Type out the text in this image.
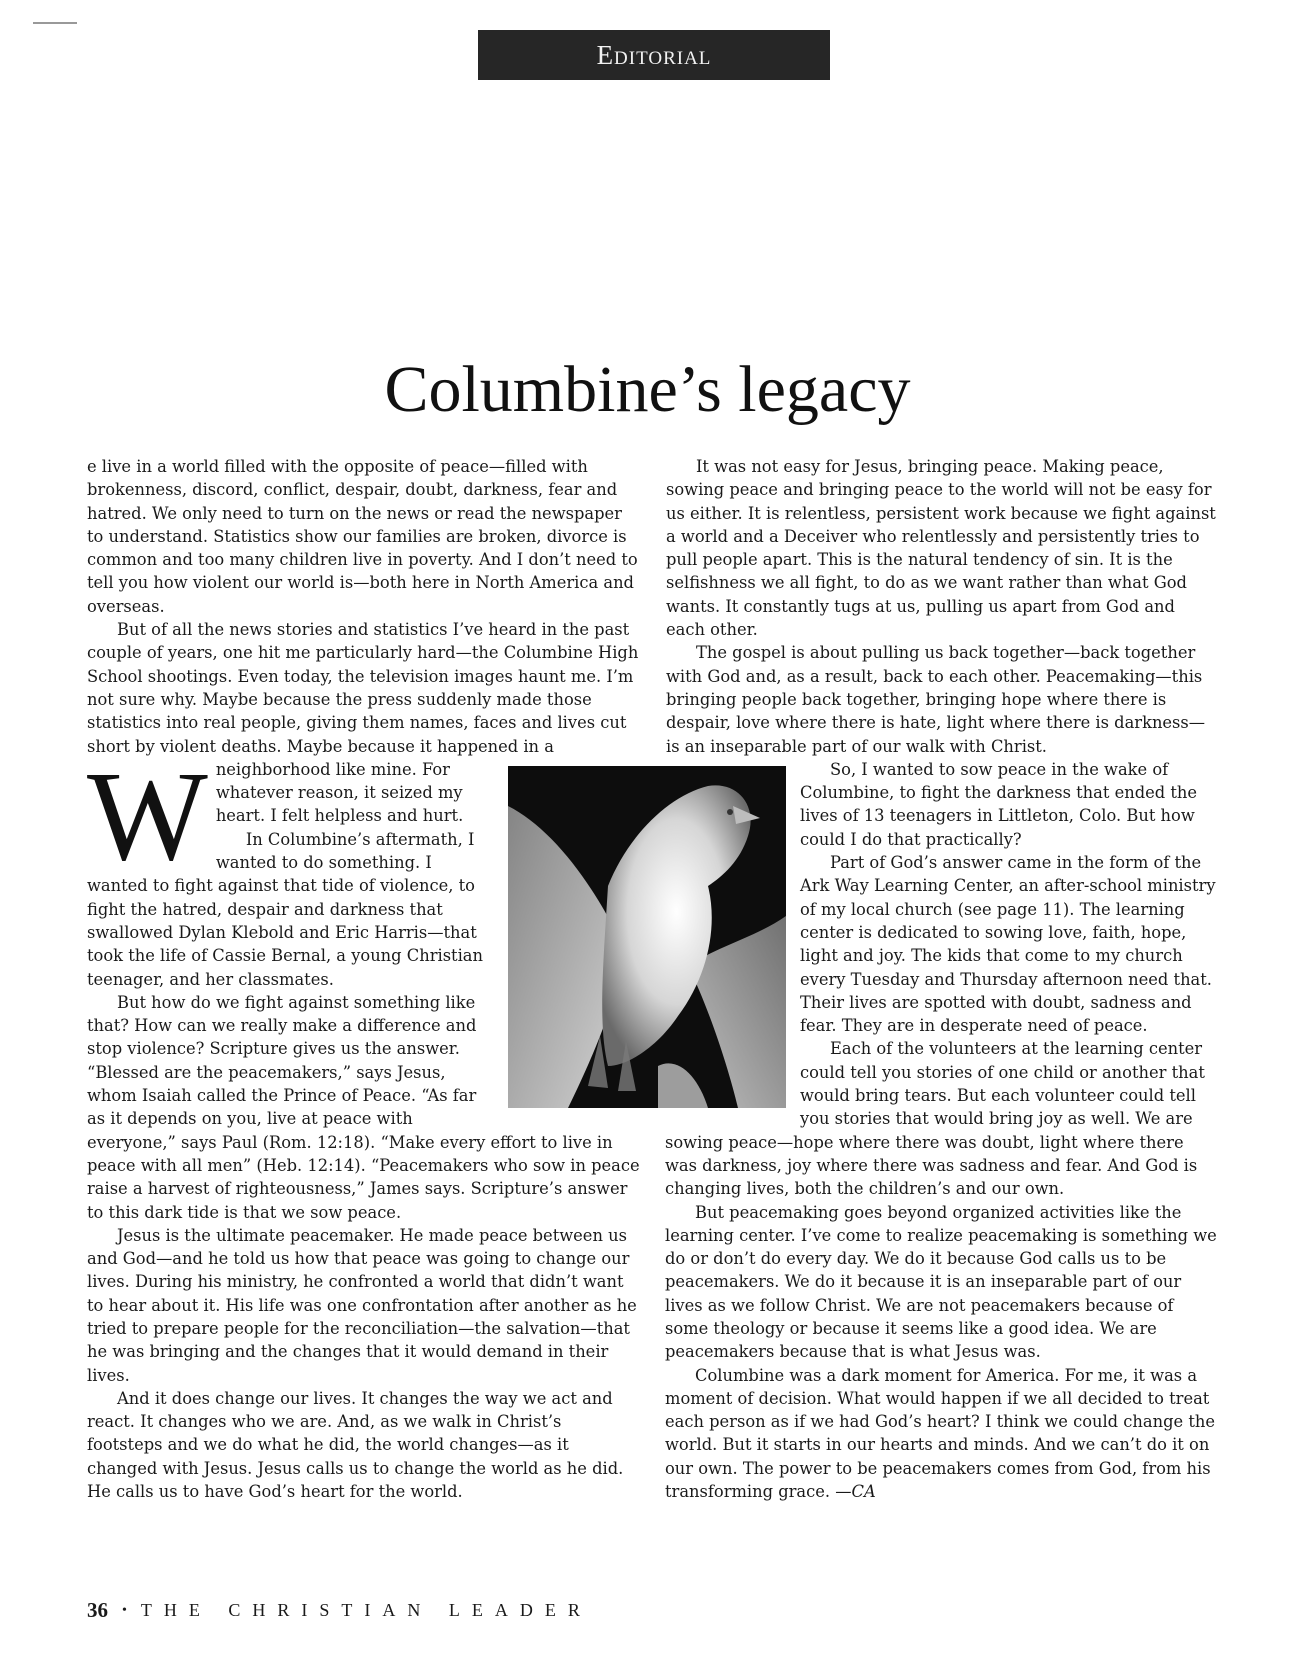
Editorial
Columbine’s legacy
W

e live in a world filled with the opposite of peace—filled with brokenness, discord, conflict, despair, doubt, darkness, fear and hatred. We only need to turn on the news or read the newspaper to understand. Statistics show our families are broken, divorce is common and too many children live in poverty. And I don’t need to tell you how violent our world is—both here in North America and overseas.

But of all the news stories and statistics I’ve heard in the past couple of years, one hit me particularly hard—the Columbine High School shootings. Even today, the television images haunt me. I’m not sure why. Maybe because the press suddenly made those statistics into real people, giving them names, faces and lives cut short by violent deaths. Maybe because it happened in a neighborhood like mine. For whatever reason, it seized my heart. I felt helpless and hurt.

In Columbine’s aftermath, I wanted to do something. I wanted to fight against that tide of violence, to fight the hatred, despair and darkness that swallowed Dylan Klebold and Eric Harris—that took the life of Cassie Bernal, a young Christian teenager, and her classmates.

But how do we fight against something like that? How can we really make a difference and stop violence? Scripture gives us the answer. “Blessed are the peacemakers,” says Jesus, whom Isaiah called the Prince of Peace. “As far as it depends on you, live at peace with everyone,” says Paul (Rom. 12:18). “Make every effort to live in peace with all men” (Heb. 12:14). “Peacemakers who sow in peace raise a harvest of righteousness,” James says. Scripture’s answer to this dark tide is that we sow peace.

Jesus is the ultimate peacemaker. He made peace between us and God—and he told us how that peace was going to change our lives. During his ministry, he confronted a world that didn’t want to hear about it. His life was one confrontation after another as he tried to prepare people for the reconciliation—the salvation—that he was bringing and the changes that it would demand in their lives.

And it does change our lives. It changes the way we act and react. It changes who we are. And, as we walk in Christ’s footsteps and we do what he did, the world changes—as it changed with Jesus. Jesus calls us to change the world as he did. He calls us to have God’s heart for the world.

It was not easy for Jesus, bringing peace. Making peace, sowing peace and bringing peace to the world will not be easy for us either. It is relentless, persistent work because we fight against a world and a Deceiver who relentlessly and persistently tries to pull people apart. This is the natural tendency of sin. It is the selfishness we all fight, to do as we want rather than what God wants. It constantly tugs at us, pulling us apart from God and each other.

The gospel is about pulling us back together—back together with God and, as a result, back to each other. Peacemaking—this bringing people back together, bringing hope where there is despair, love where there is hate, light where there is darkness—is an inseparable part of our walk with Christ.

So, I wanted to sow peace in the wake of Columbine, to fight the darkness that ended the lives of 13 teenagers in Littleton, Colo. But how could I do that practically?

Part of God’s answer came in the form of the Ark Way Learning Center, an after-school ministry of my local church (see page 11). The learning center is dedicated to sowing love, faith, hope, light and joy. The kids that come to my church every Tuesday and Thursday afternoon need that. Their lives are spotted with doubt, sadness and fear. They are in desperate need of peace.

Each of the volunteers at the learning center could tell you stories of one child or another that would bring tears. But each volunteer could tell you stories that would bring joy as well. We are sowing peace—hope where there was doubt, light where there was darkness, joy where there was sadness and fear. And God is changing lives, both the children’s and our own.

But peacemaking goes beyond organized activities like the learning center. I’ve come to realize peacemaking is something we do or don’t do every day. We do it because God calls us to be peacemakers. We do it because it is an inseparable part of our lives as we follow Christ. We are not peacemakers because of some theology or because it seems like a good idea. We are peacemakers because that is what Jesus was.

Columbine was a dark moment for America. For me, it was a moment of decision. What would happen if we all decided to treat each person as if we had God’s heart? I think we could change the world. But it starts in our hearts and minds. And we can’t do it on our own. The power to be peacemakers comes from God, from his transforming grace. —CA

36 • THE CHRISTIAN LEADER
